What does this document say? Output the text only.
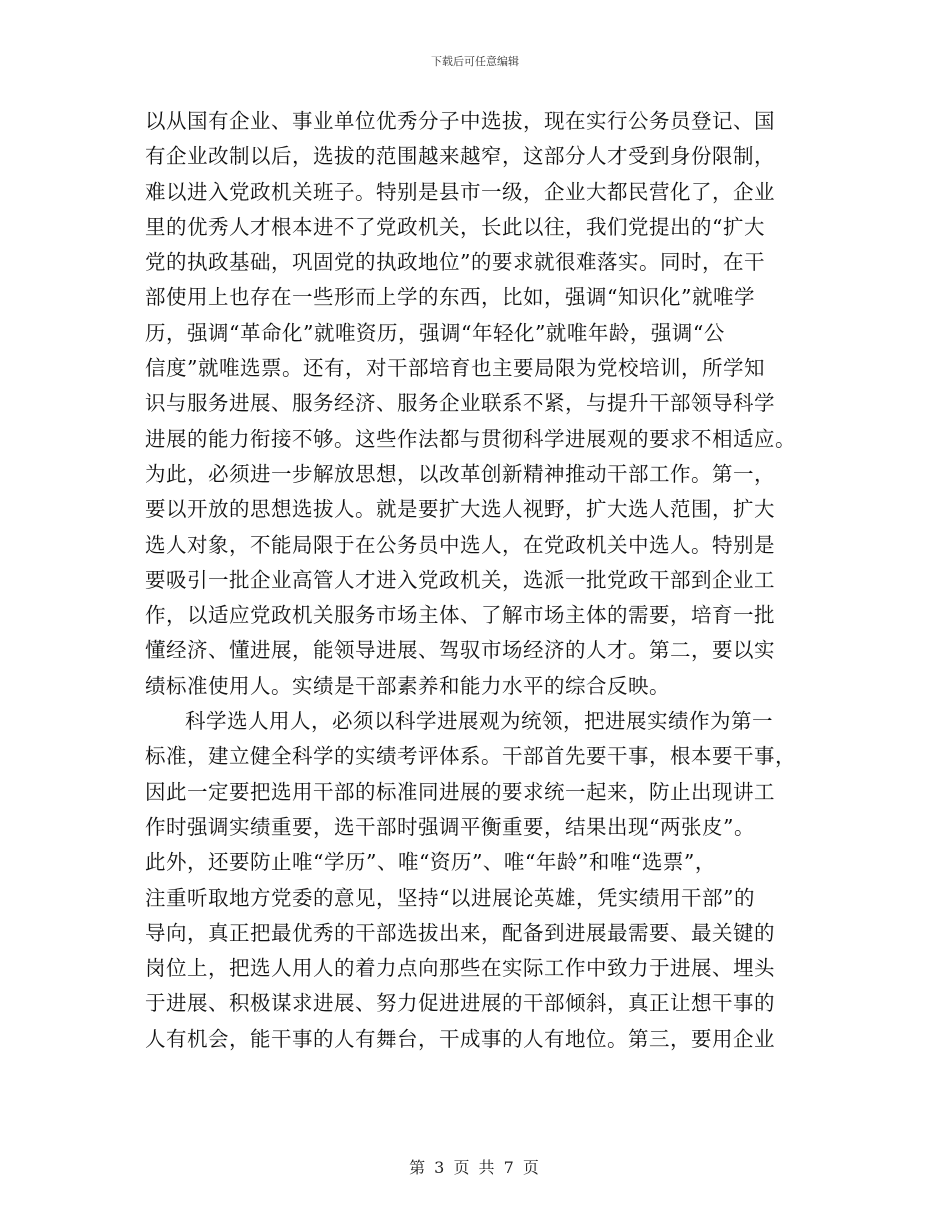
下载后可任意编辑
以从国有企业、事业单位优秀分子中选拔，现在实行公务员登记、国
有企业改制以后，选拔的范围越来越窄，这部分人才受到身份限制，
难以进入党政机关班子。特别是县市一级，企业大都民营化了，企业
里的优秀人才根本进不了党政机关，长此以往，我们党提出的“扩大
党的执政基础，巩固党的执政地位”的要求就很难落实。同时，在干
部使用上也存在一些形而上学的东西，比如，强调“知识化”就唯学
历，强调“革命化”就唯资历，强调“年轻化”就唯年龄，强调“公
信度”就唯选票。还有，对干部培育也主要局限为党校培训，所学知
识与服务进展、服务经济、服务企业联系不紧，与提升干部领导科学
进展的能力衔接不够。这些作法都与贯彻科学进展观的要求不相适应。
为此，必须进一步解放思想，以改革创新精神推动干部工作。第一，
要以开放的思想选拔人。就是要扩大选人视野，扩大选人范围，扩大
选人对象，不能局限于在公务员中选人，在党政机关中选人。特别是
要吸引一批企业高管人才进入党政机关，选派一批党政干部到企业工
作，以适应党政机关服务市场主体、了解市场主体的需要，培育一批
懂经济、懂进展，能领导进展、驾驭市场经济的人才。第二，要以实
绩标准使用人。实绩是干部素养和能力水平的综合反映。
科学选人用人，必须以科学进展观为统领，把进展实绩作为第一
标准，建立健全科学的实绩考评体系。干部首先要干事，根本要干事，
因此一定要把选用干部的标准同进展的要求统一起来，防止出现讲工
作时强调实绩重要，选干部时强调平衡重要，结果出现“两张皮”。
此外，还要防止唯“学历”、唯“资历”、唯“年龄”和唯“选票”，
注重听取地方党委的意见，坚持“以进展论英雄，凭实绩用干部”的
导向，真正把最优秀的干部选拔出来，配备到进展最需要、最关键的
岗位上，把选人用人的着力点向那些在实际工作中致力于进展、埋头
于进展、积极谋求进展、努力促进进展的干部倾斜，真正让想干事的
人有机会，能干事的人有舞台，干成事的人有地位。第三，要用企业
第 3 页 共 7 页
